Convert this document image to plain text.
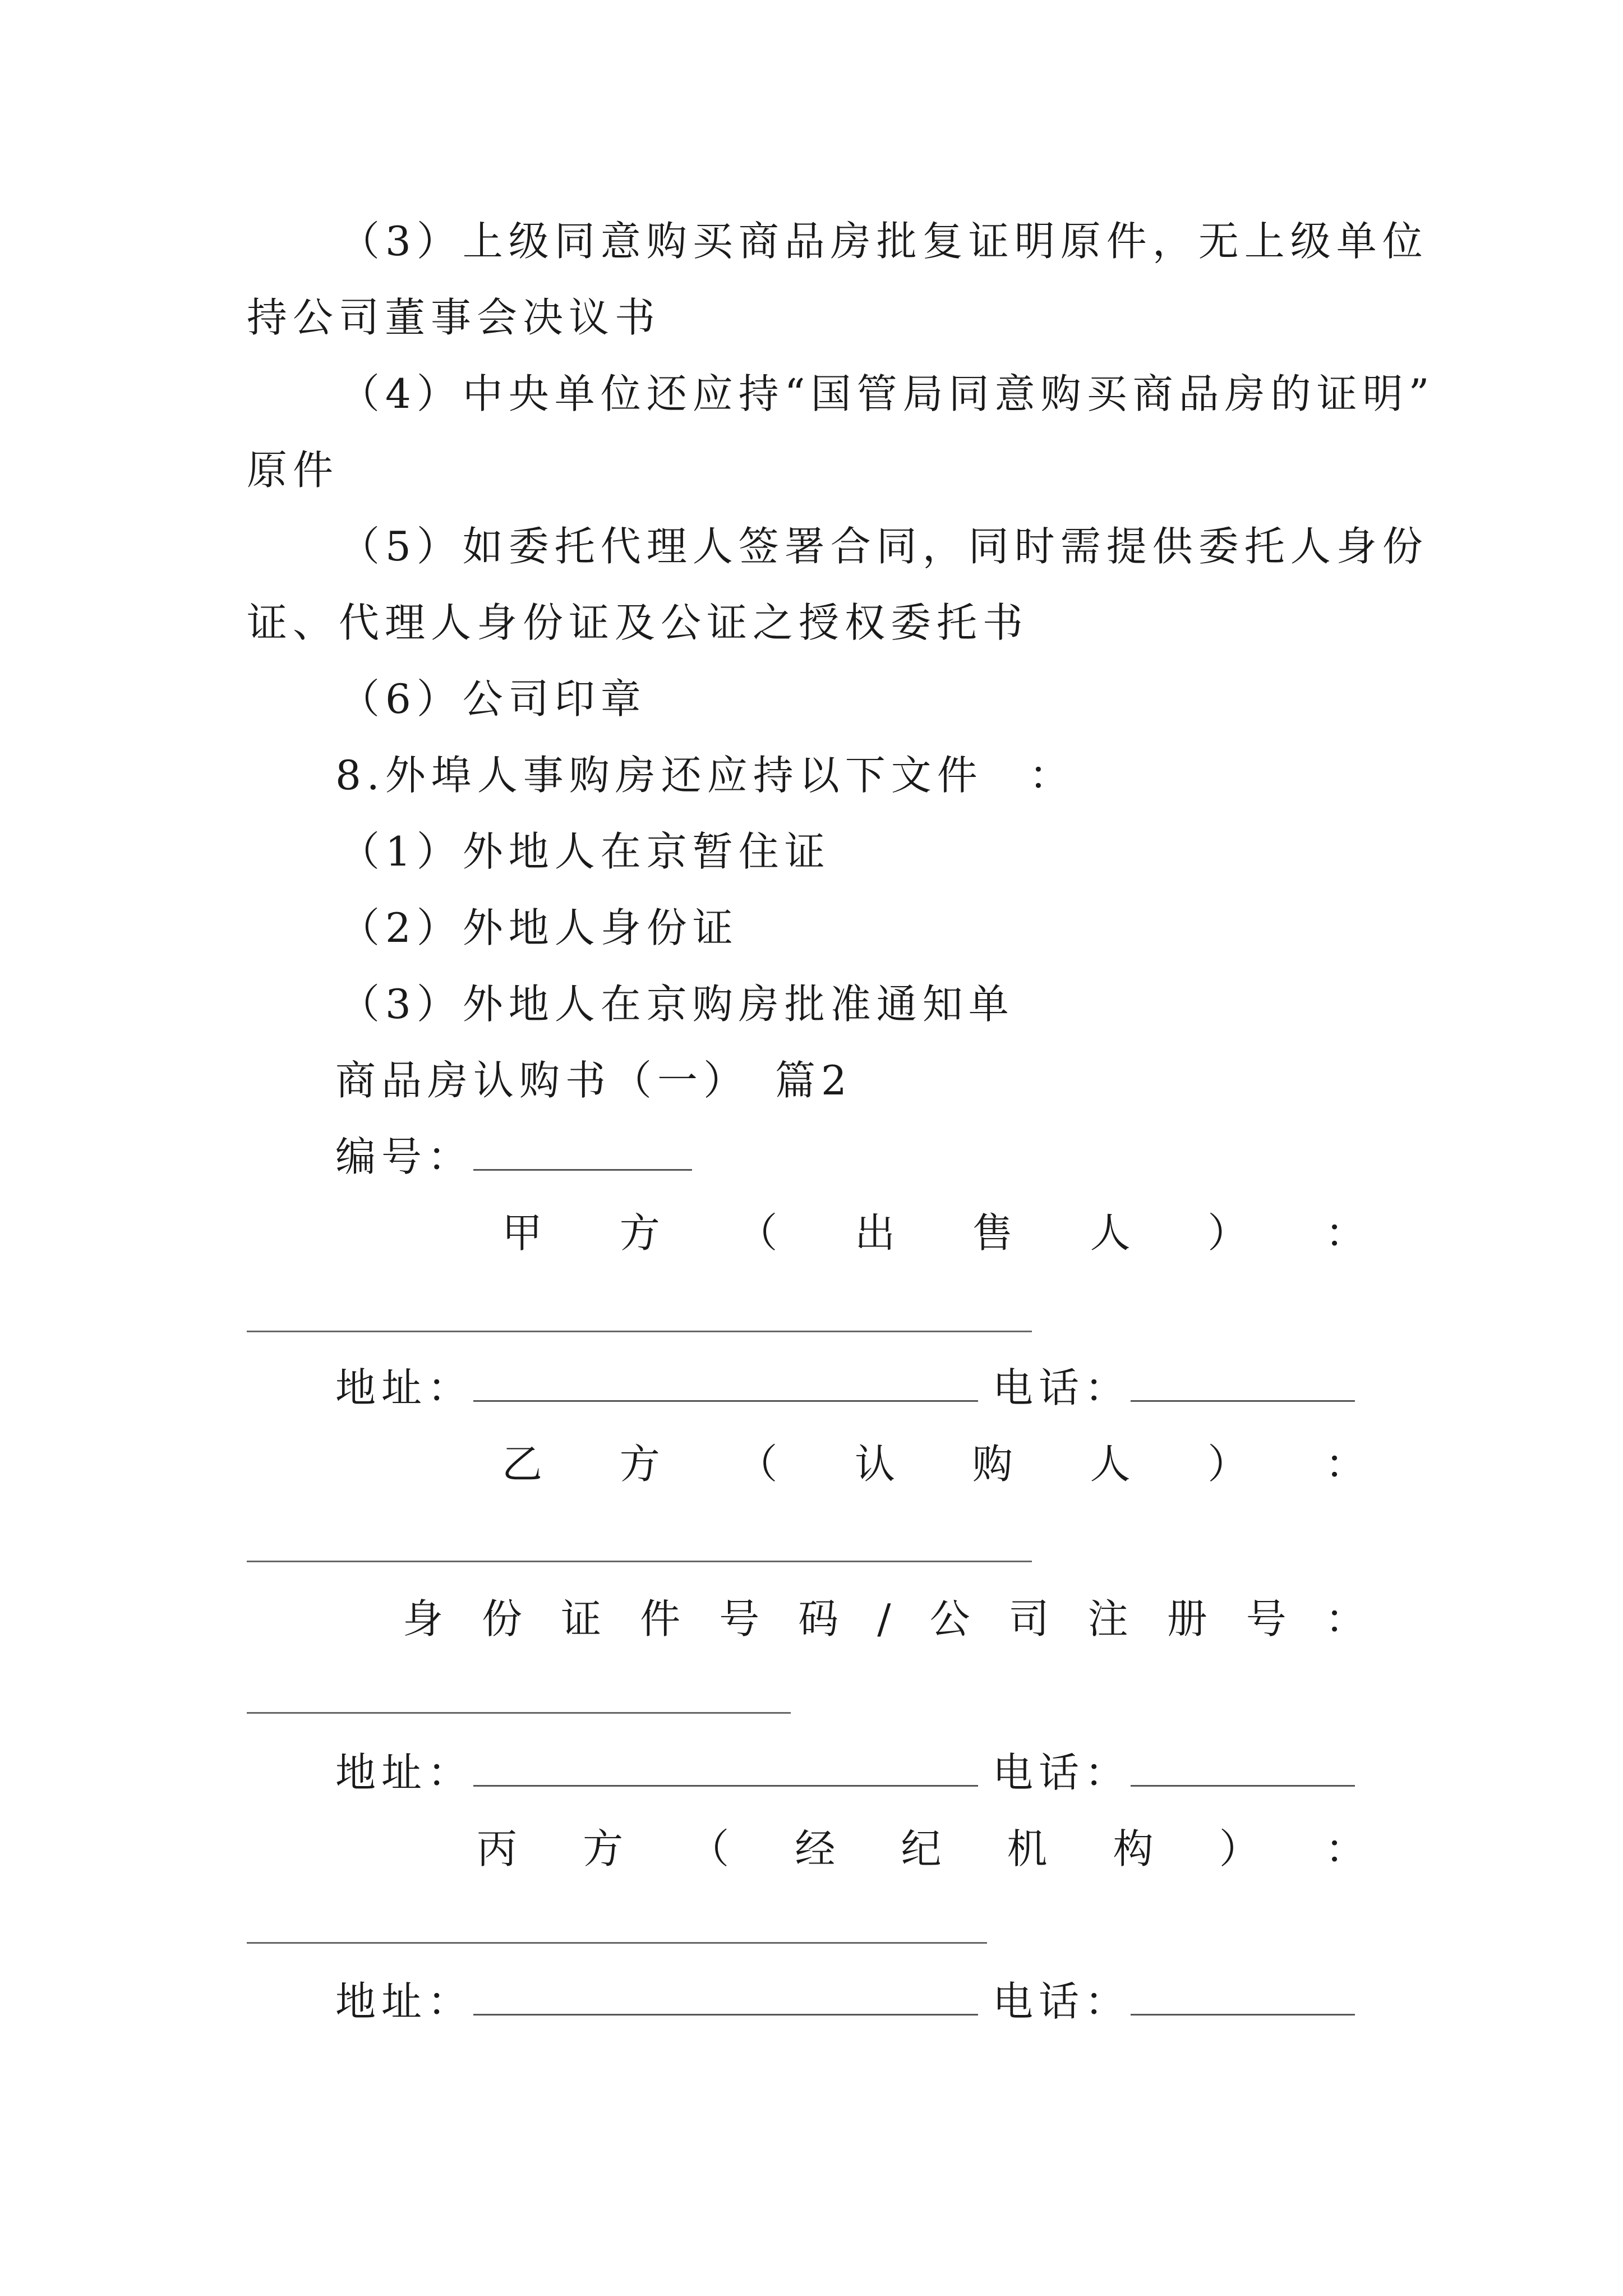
（3）上级同意购买商品房批复证明原件，无上级单位
持公司董事会决议书
（4）中央单位还应持“国管局同意购买商品房的证明”
原件
（5）如委托代理人签署合同，同时需提供委托人身份
证、代理人身份证及公证之授权委托书
（6）公司印章
8.外埠人事购房还应持以下文件　：
（1）外地人在京暂住证
（2）外地人身份证
（3）外地人在京购房批准通知单
商品房认购书（一）　篇2
编号：
甲 方 （ 出 售 人 ） ：
地址：	电话：
乙 方 （ 认 购 人 ） ：
身 份 证 件 号 码 / 公 司 注 册 号 ：
地址：	电话：
丙 方 （ 经 纪 机 构 ） ：
地址：	电话：
